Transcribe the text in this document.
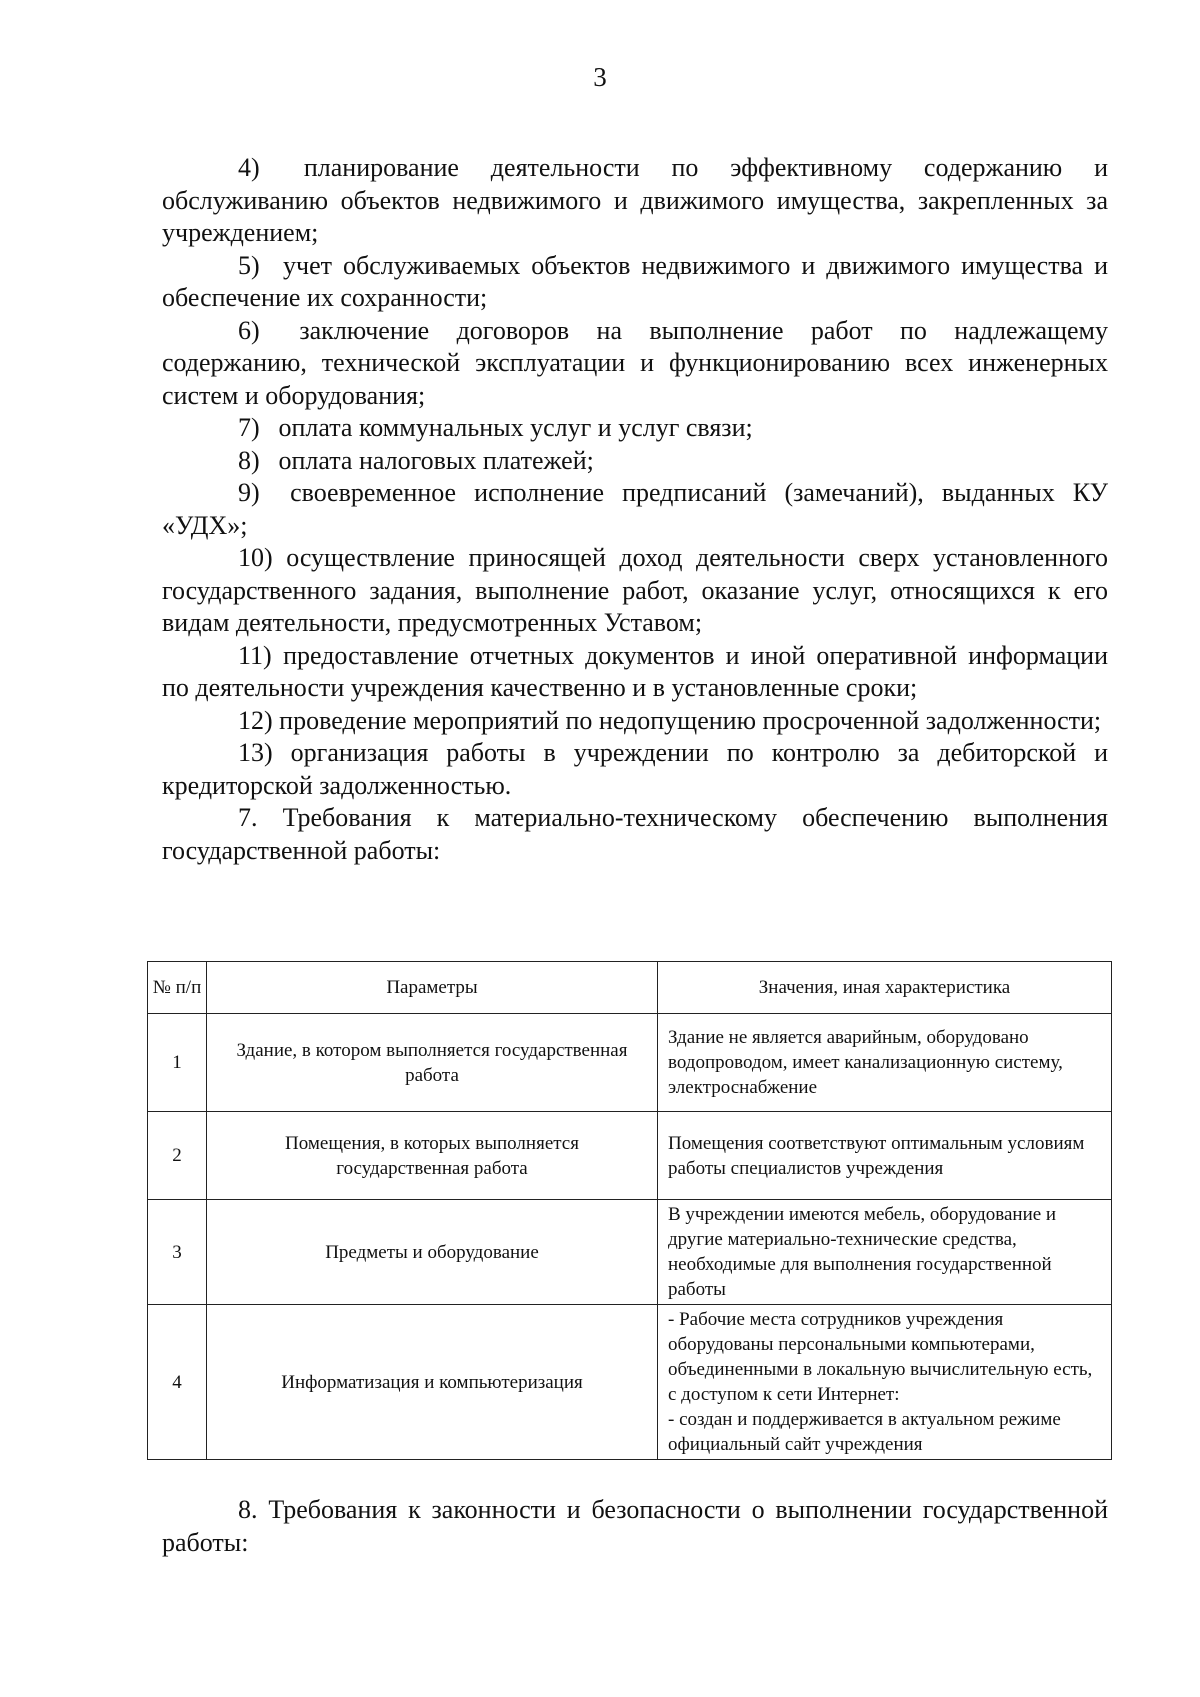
3

4) планирование деятельности по эффективному содержанию и обслуживанию объектов недвижимого и движимого имущества, закрепленных за учреждением;

5) учет обслуживаемых объектов недвижимого и движимого имущества и обеспечение их сохранности;

6) заключение договоров на выполнение работ по надлежащему содержанию, технической эксплуатации и функционированию всех инженерных систем и оборудования;

7) оплата коммунальных услуг и услуг связи;

8) оплата налоговых платежей;

9) своевременное исполнение предписаний (замечаний), выданных КУ «УДХ»;

10) осуществление приносящей доход деятельности сверх установленного государственного задания, выполнение работ, оказание услуг, относящихся к его видам деятельности, предусмотренных Уставом;

11) предоставление отчетных документов и иной оперативной информации по деятельности учреждения качественно и в установленные сроки;

12) проведение мероприятий по недопущению просроченной задолженности;

13) организация работы в учреждении по контролю за дебиторской и кредиторской задолженностью.

7. Требования к материально-техническому обеспечению выполнения государственной работы:

№ п/п	Параметры	Значения, иная характеристика
1	Здание, в котором выполняется государственная работа	Здание не является аварийным, оборудовано водопроводом, имеет канализационную систему, электроснабжение

2	Помещения, в которых выполняется государственная работа	Помещения соответствуют оптимальным условиям работы специалистов учреждения

3	Предметы и оборудование	В учреждении имеются мебель, оборудование и другие материально-технические средства, необходимые для выполнения государственной работы

4	Информатизация и компьютеризация	- Рабочие места сотрудников учреждения оборудованы персональными компьютерами, объединенными в локальную вычислительную есть, с доступом к сети Интернет:
- создан и поддерживается в актуальном режиме официальный сайт учреждения

8. Требования к законности и безопасности о выполнении государственной работы:
